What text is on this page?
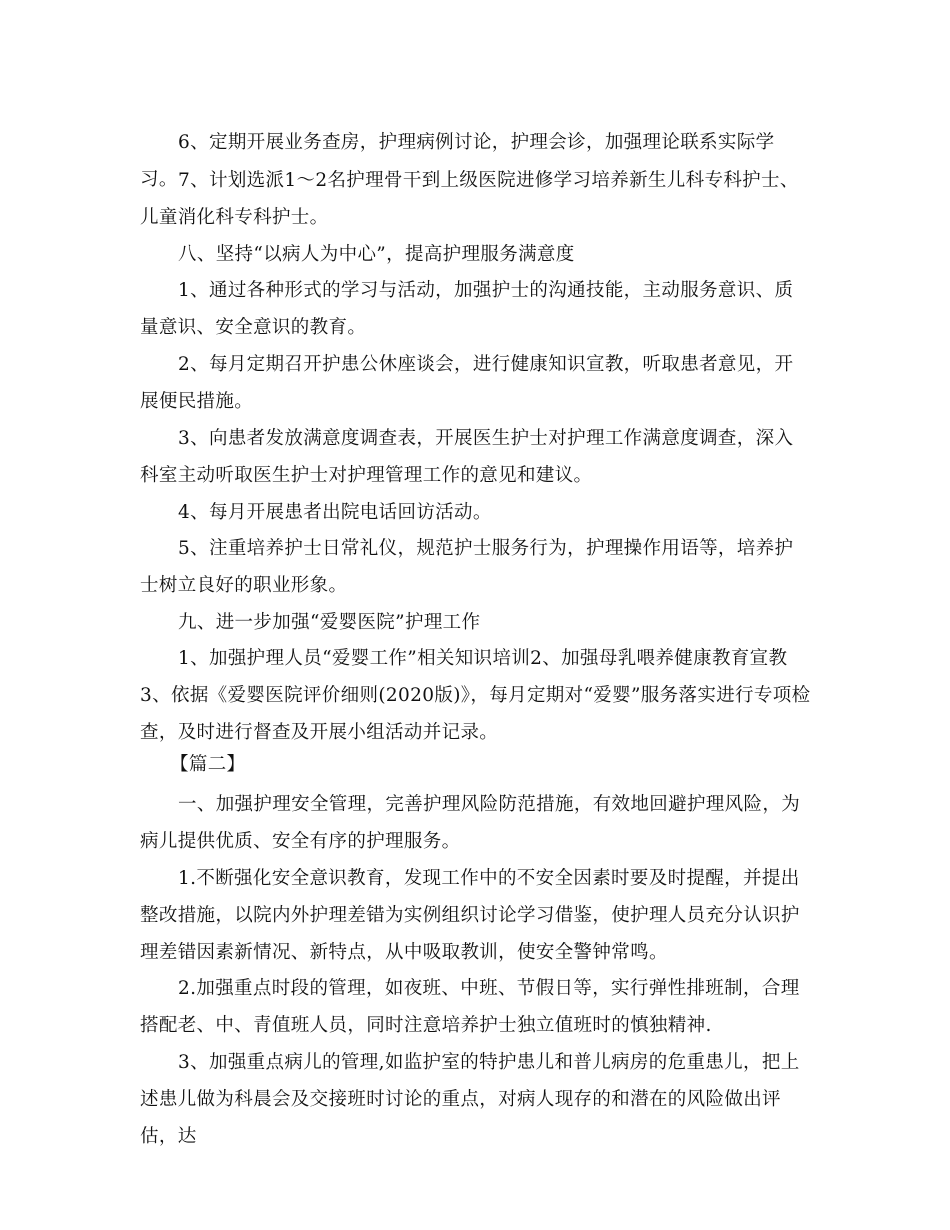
6、定期开展业务查房，护理病例讨论，护理会诊，加强理论联系实际学习。 7、计划选派1～2名护理骨干到上级医院进修学习培养新生儿科专科护士、儿童消化科专科护士。

八、坚持“以病人为中心”，提高护理服务满意度

1、通过各种形式的学习与活动，加强护士的沟通技能，主动服务意识、质量意识、安全意识的教育。

2、每月定期召开护患公休座谈会，进行健康知识宣教，听取患者意见，开展便民措施。

3、向患者发放满意度调查表，开展医生护士对护理工作满意度调查，深入科室主动听取医生护士对护理管理工作的意见和建议。

4、每月开展患者出院电话回访活动。

5、注重培养护士日常礼仪，规范护士服务行为，护理操作用语等，培养护士树立良好的职业形象。

九、进一步加强“爱婴医院”护理工作

1、加强护理人员“爱婴工作”相关知识培训2、加强母乳喂养健康教育宣教3、依据《爱婴医院评价细则(2020版)》，每月定期对“爱婴”服务落实进行专项检查，及时进行督查及开展小组活动并记录。

【篇二】

一、加强护理安全管理，完善护理风险防范措施，有效地回避护理风险，为病儿提供优质、安全有序的护理服务。

1.不断强化安全意识教育，发现工作中的不安全因素时要及时提醒，并提出整改措施，以院内外护理差错为实例组织讨论学习借鉴，使护理人员充分认识护理差错因素新情况、新特点，从中吸取教训，使安全警钟常鸣。

2.加强重点时段的管理，如夜班、中班、节假日等，实行弹性排班制，合理搭配老、中、青值班人员，同时注意培养护士独立值班时的慎独精神.

3、加强重点病儿的管理,如监护室的特护患儿和普儿病房的危重患儿，把上述患儿做为科晨会及交接班时讨论的重点，对病人现存的和潜在的风险做出评估，达
